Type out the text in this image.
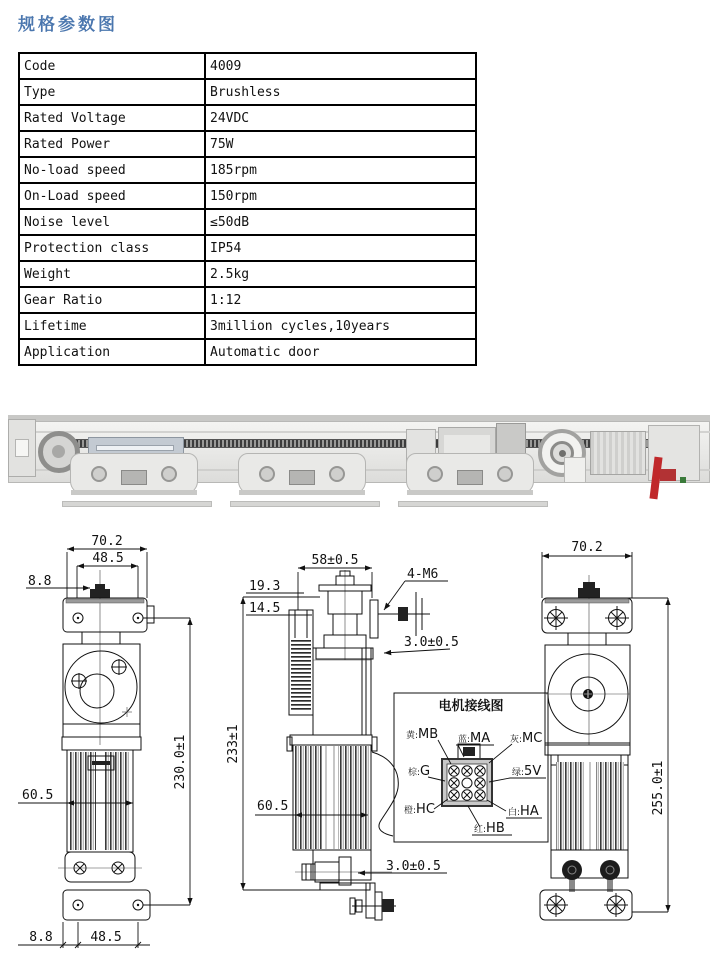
规格参数图
Code	4009
Type	Brushless
Rated Voltage	24VDC
Rated Power	75W
No-load speed	185rpm
On-Load speed	150rpm
Noise level	≤50dB
Protection class	IP54
Weight	2.5kg
Gear Ratio	1:12
Lifetime	3million cycles,10years
Application	Automatic door
70.2
48.5
8.8
230.0±1
60.5
8.8	48.5
233±1
58±0.5
4-M6
19.3
14.5
3.0±0.5
60.5
3.0±0.5
电机接线图
黄:MB 蓝:MA 灰:MC
棕:G	绿:5V
橙:HC	白:HA
红:HB
70.2
255.0±1
